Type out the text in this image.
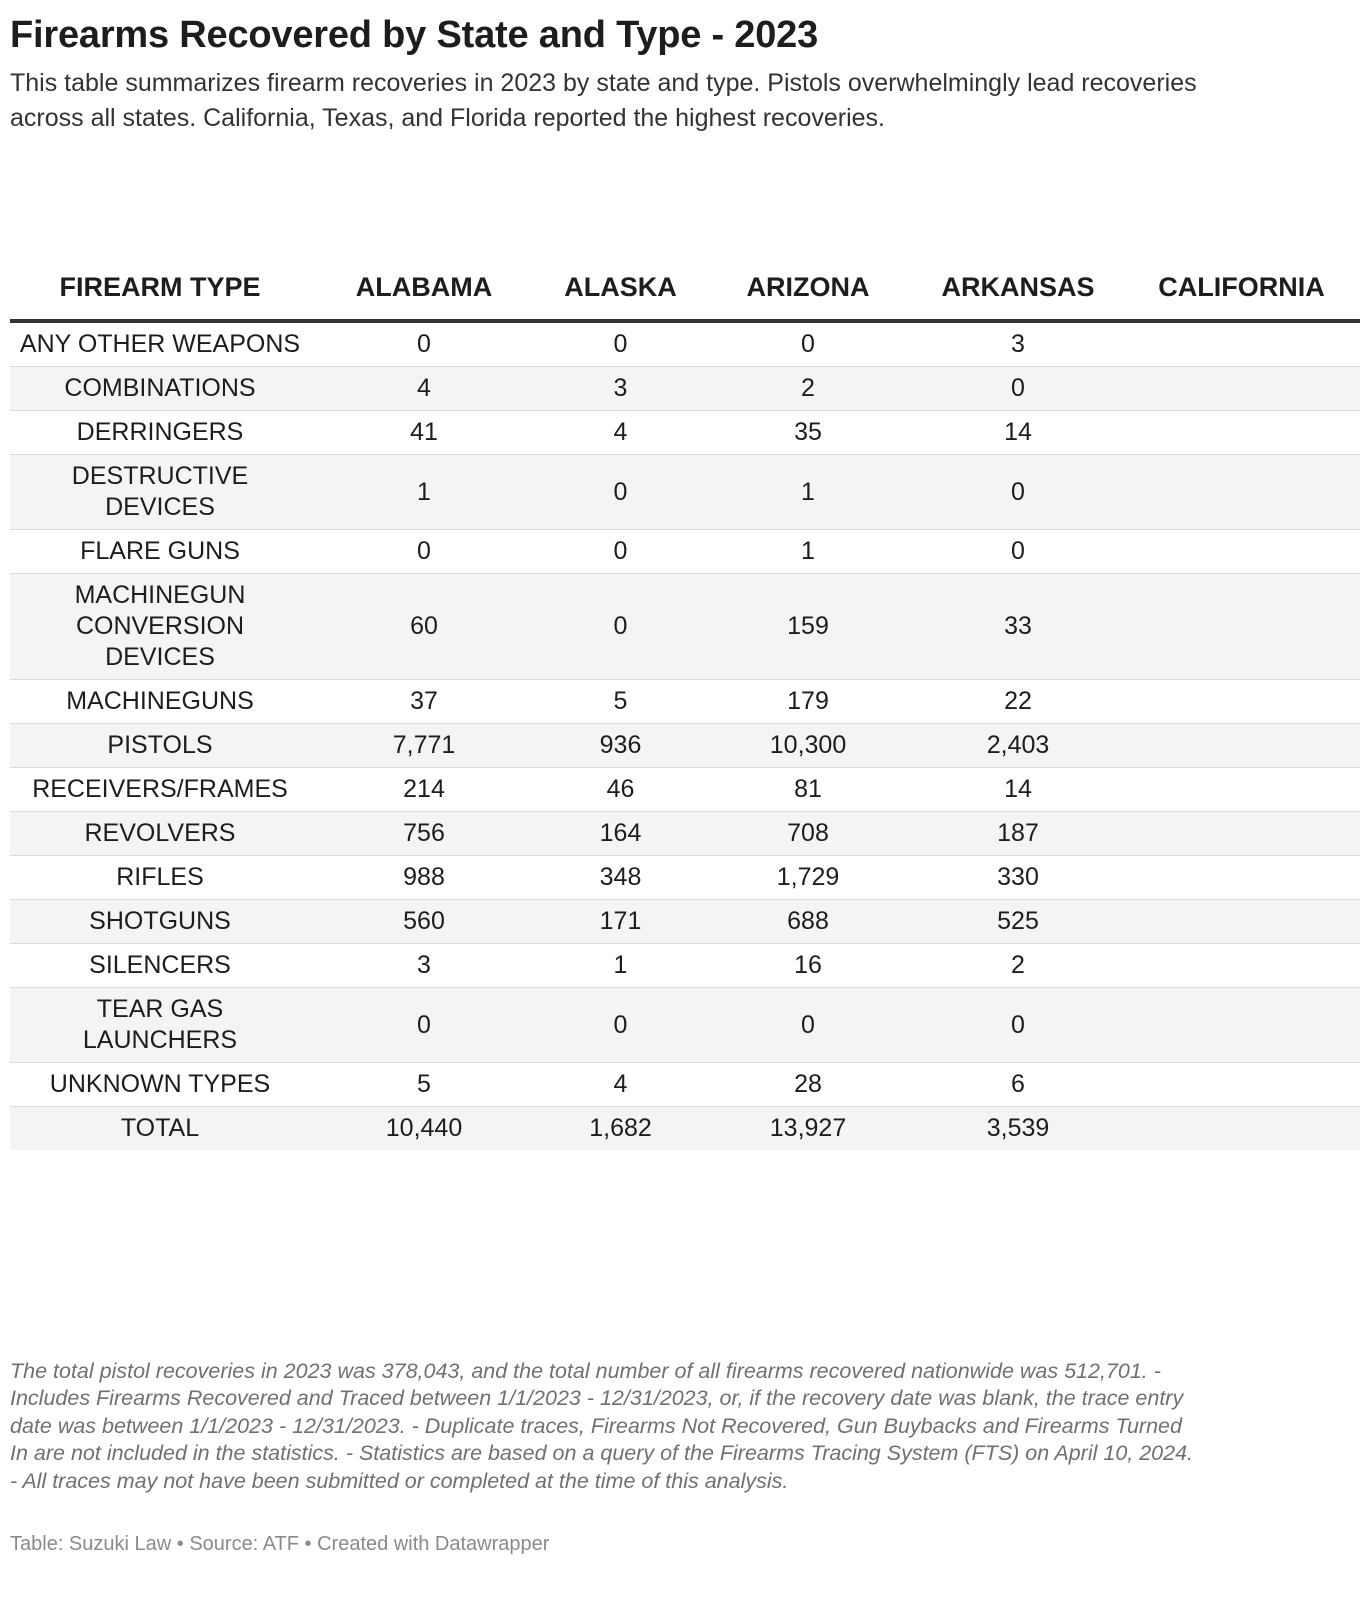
Firearms Recovered by State and Type - 2023
This table summarizes firearm recoveries in 2023 by state and type. Pistols overwhelmingly lead recoveries across all states. California, Texas, and Florida reported the highest recoveries.
FIREARM TYPE	ALABAMA	ALASKA	ARIZONA	ARKANSAS	CALIFORNIA
ANY OTHER WEAPONS	0	0	0	3	
COMBINATIONS	4	3	2	0	
DERRINGERS	41	4	35	14	
DESTRUCTIVE DEVICES	1	0	1	0	
FLARE GUNS	0	0	1	0	
MACHINEGUN CONVERSION DEVICES	60	0	159	33	
MACHINEGUNS	37	5	179	22	
PISTOLS	7,771	936	10,300	2,403	
RECEIVERS/FRAMES	214	46	81	14	
REVOLVERS	756	164	708	187	
RIFLES	988	348	1,729	330	
SHOTGUNS	560	171	688	525	
SILENCERS	3	1	16	2	
TEAR GAS LAUNCHERS	0	0	0	0	
UNKNOWN TYPES	5	4	28	6	
TOTAL	10,440	1,682	13,927	3,539	
The total pistol recoveries in 2023 was 378,043, and the total number of all firearms recovered nationwide was 512,701. - Includes Firearms Recovered and Traced between 1/1/2023 - 12/31/2023, or, if the recovery date was blank, the trace entry date was between 1/1/2023 - 12/31/2023. - Duplicate traces, Firearms Not Recovered, Gun Buybacks and Firearms Turned In are not included in the statistics. - Statistics are based on a query of the Firearms Tracing System (FTS) on April 10, 2024. - All traces may not have been submitted or completed at the time of this analysis.
Table: Suzuki Law • Source: ATF • Created with Datawrapper
